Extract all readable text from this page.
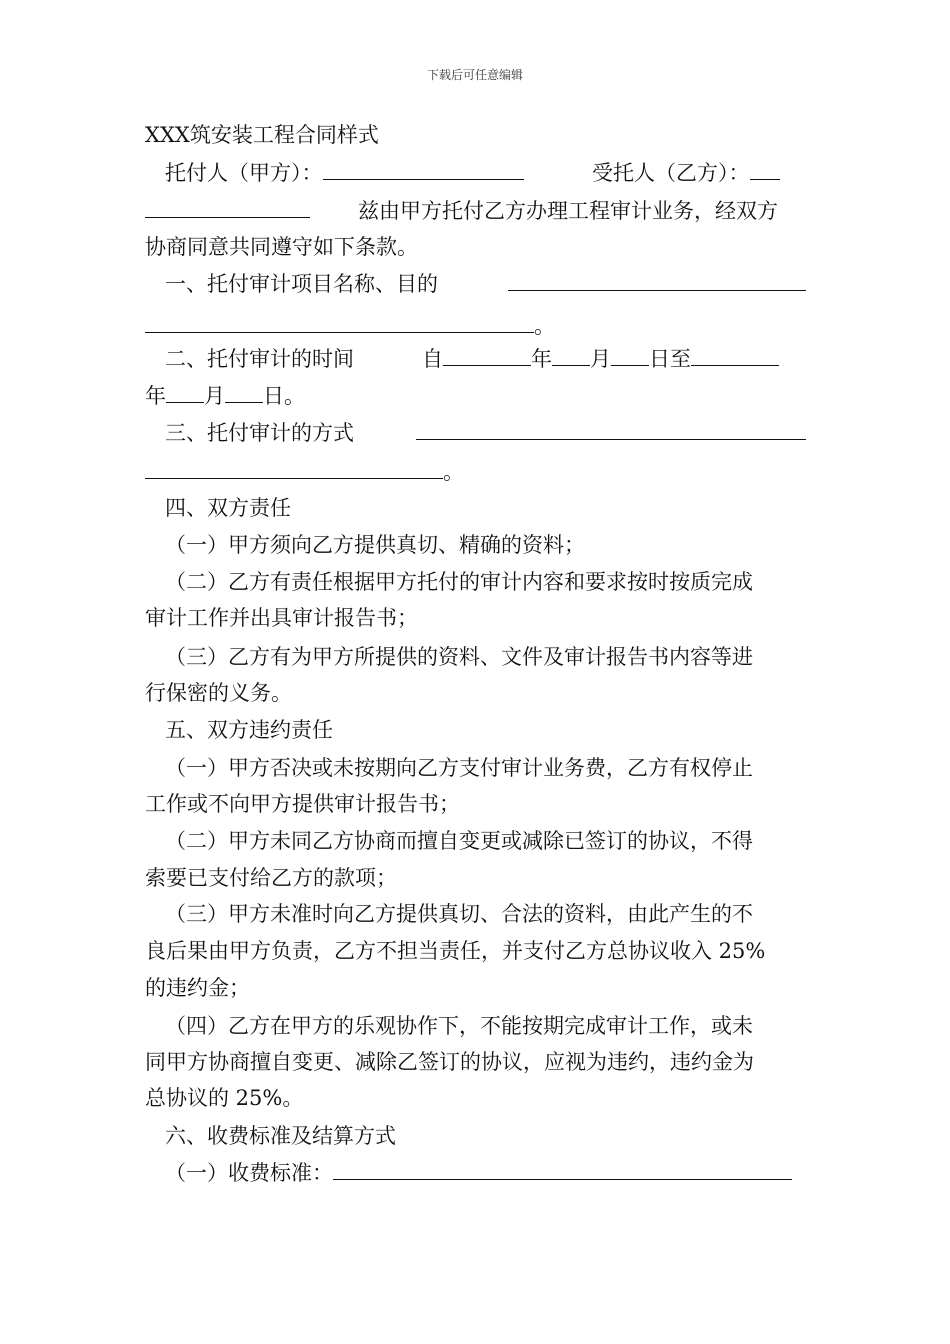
下载后可任意编辑
XXX筑安装工程合同样式
托付人（甲方）：	受托人（乙方）：
兹由甲方托付乙方办理工程审计业务，经双方
协商同意共同遵守如下条款。
一、托付审计项目名称、目的
。
二、托付审计的时间	自	年 月 日至
年 月 日。
三、托付审计的方式
。
四、双方责任
（一）甲方须向乙方提供真切、精确的资料；
（二）乙方有责任根据甲方托付的审计内容和要求按时按质完成
审计工作并出具审计报告书；
（三）乙方有为甲方所提供的资料、文件及审计报告书内容等进
行保密的义务。
五、双方违约责任
（一）甲方否决或未按期向乙方支付审计业务费，乙方有权停止
工作或不向甲方提供审计报告书；
（二）甲方未同乙方协商而擅自变更或减除已签订的协议，不得
索要已支付给乙方的款项；
（三）甲方未准时向乙方提供真切、合法的资料，由此产生的不
良后果由甲方负责，乙方不担当责任，并支付乙方总协议收入 25%
的违约金；
（四）乙方在甲方的乐观协作下，不能按期完成审计工作，或未
同甲方协商擅自变更、减除乙签订的协议，应视为违约，违约金为
总协议的 25%。
六、收费标准及结算方式
（一）收费标准：
